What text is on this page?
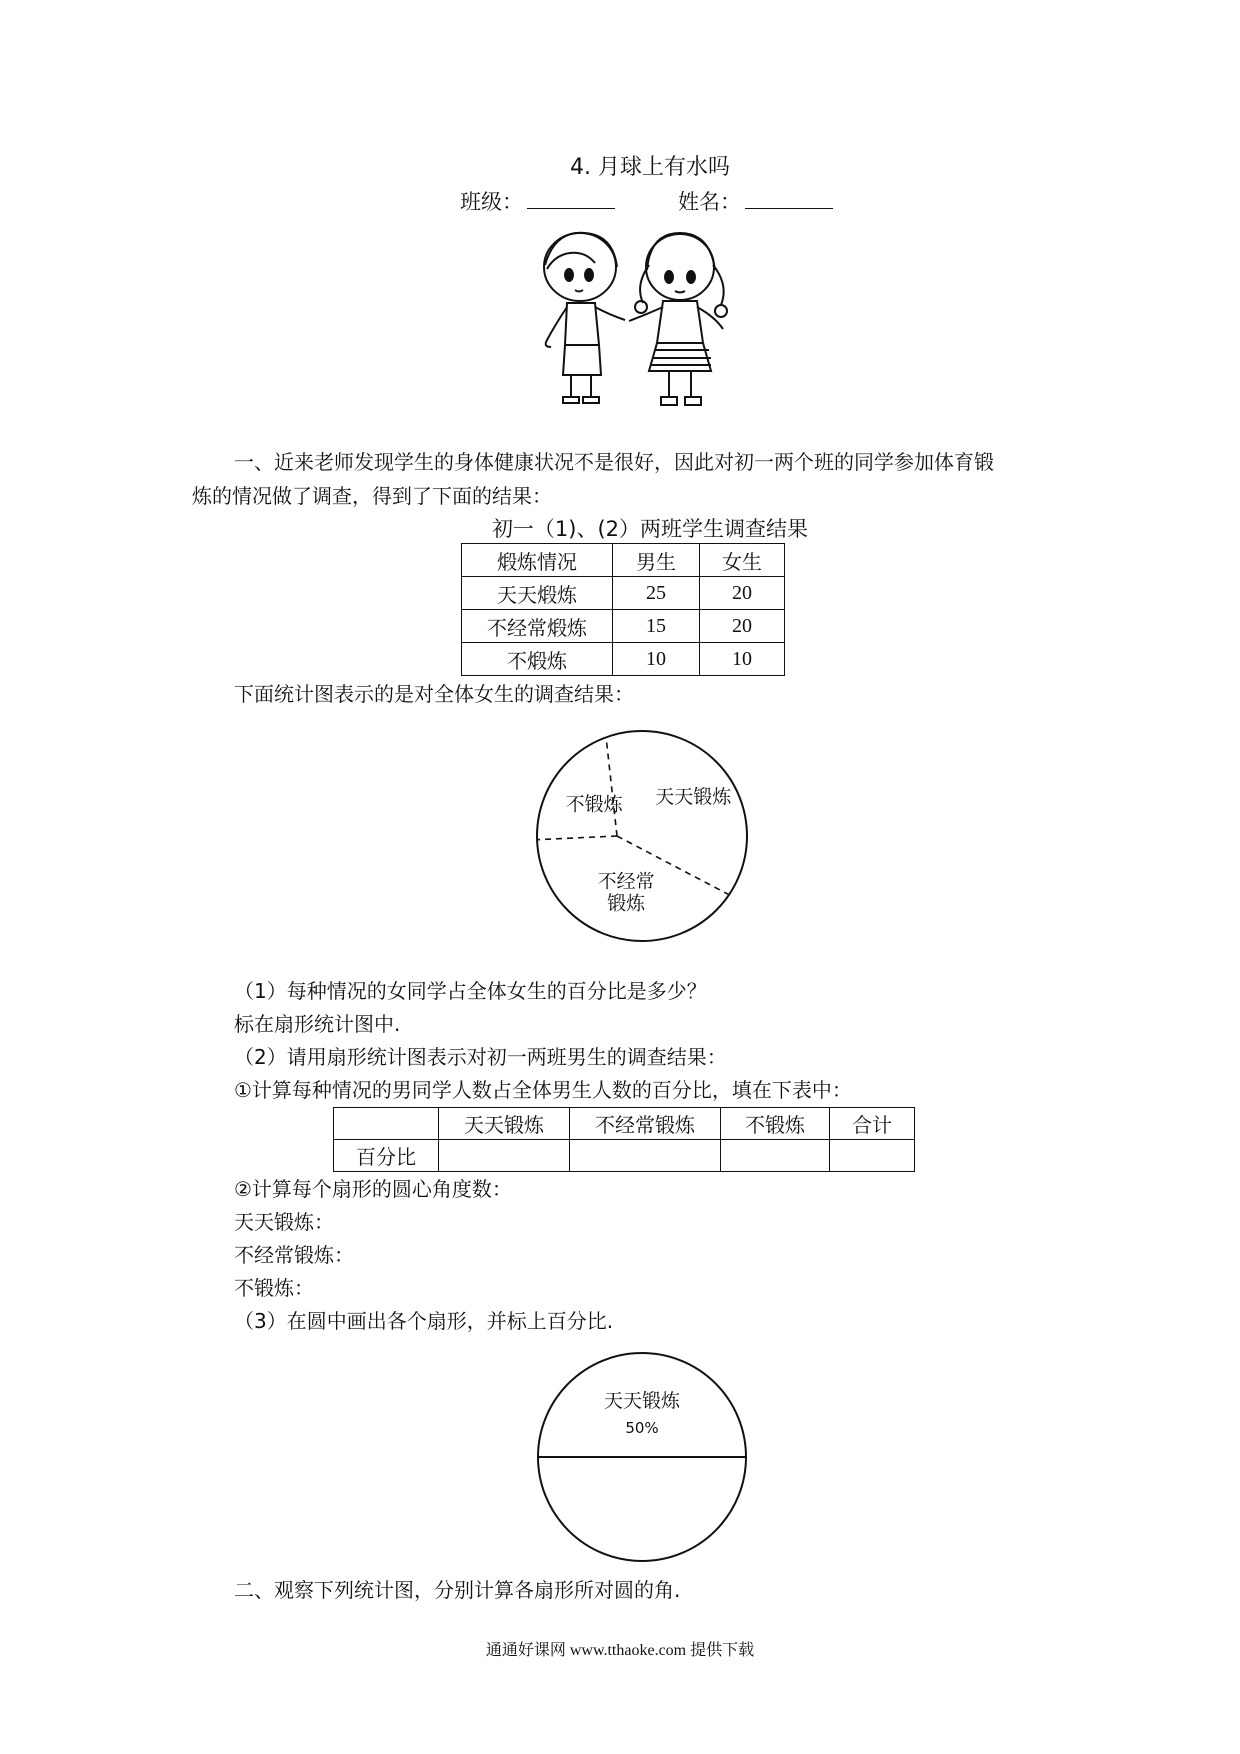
4. 月球上有水吗
班级：	姓名：
一、近来老师发现学生的身体健康状况不是很好，因此对初一两个班的同学参加体育锻
炼的情况做了调查，得到了下面的结果：
初一（1)、(2）两班学生调查结果
煅炼情况	男生	女生
天天煅炼	25	20
不经常煅炼	15	20
不煅炼	10	10
下面统计图表示的是对全体女生的调查结果：
天天锻炼
不经常
锻炼
不锻炼
（1）每种情况的女同学占全体女生的百分比是多少？
标在扇形统计图中.
（2）请用扇形统计图表示对初一两班男生的调查结果：
①计算每种情况的男同学人数占全体男生人数的百分比，填在下表中：
	天天锻炼	不经常锻炼	不锻炼	合计
百分比				
②计算每个扇形的圆心角度数：
天天锻炼：
不经常锻炼：
不锻炼：
（3）在圆中画出各个扇形，并标上百分比.
天天锻炼
50%
二、观察下列统计图，分别计算各扇形所对圆的角.
通通好课网 www.tthaoke.com 提供下载
